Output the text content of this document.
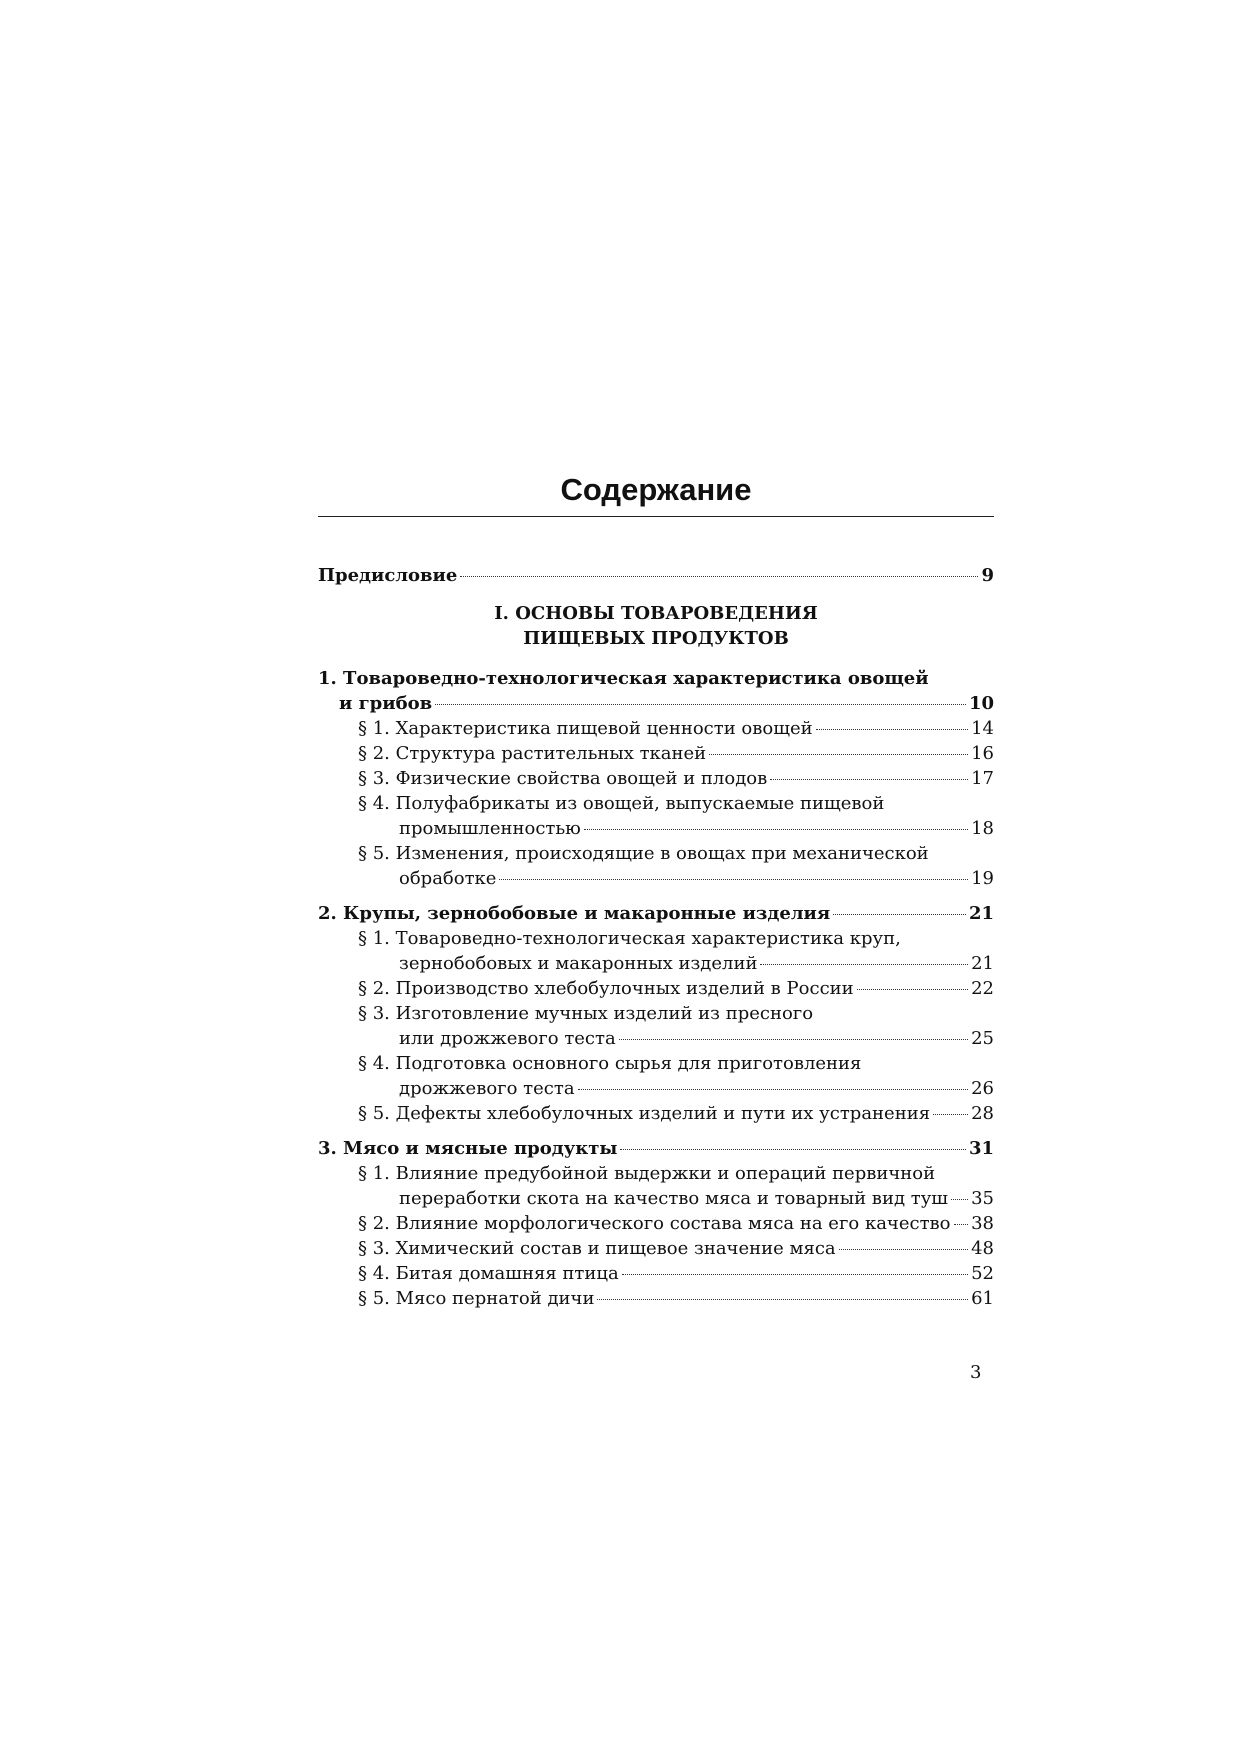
Содержание
Предисловие	9
I. ОСНОВЫ ТОВАРОВЕДЕНИЯ
ПИЩЕВЫХ ПРОДУКТОВ
1. Товароведно-технологическая характеристика овощей
и грибов	10
§ 1. Характеристика пищевой ценности овощей	14
§ 2. Структура растительных тканей	16
§ 3. Физические свойства овощей и плодов	17
§ 4. Полуфабрикаты из овощей, выпускаемые пищевой
промышленностью	18
§ 5. Изменения, происходящие в овощах при механической
обработке	19
2. Крупы, зернобобовые и макаронные изделия	21
§ 1. Товароведно-технологическая характеристика круп,
зернобобовых и макаронных изделий	21
§ 2. Производство хлебобулочных изделий в России	22
§ 3. Изготовление мучных изделий из пресного
или дрожжевого теста	25
§ 4. Подготовка основного сырья для приготовления
дрожжевого теста	26
§ 5. Дефекты хлебобулочных изделий и пути их устранения 28
3. Мясо и мясные продукты	31
§ 1. Влияние предубойной выдержки и операций первичной
переработки скота на качество мяса и товарный вид туш 35
§ 2. Влияние морфологического состава мяса на его качество 38
§ 3. Химический состав и пищевое значение мяса	48
§ 4. Битая домашняя птица	52
§ 5. Мясо пернатой дичи	61
3
